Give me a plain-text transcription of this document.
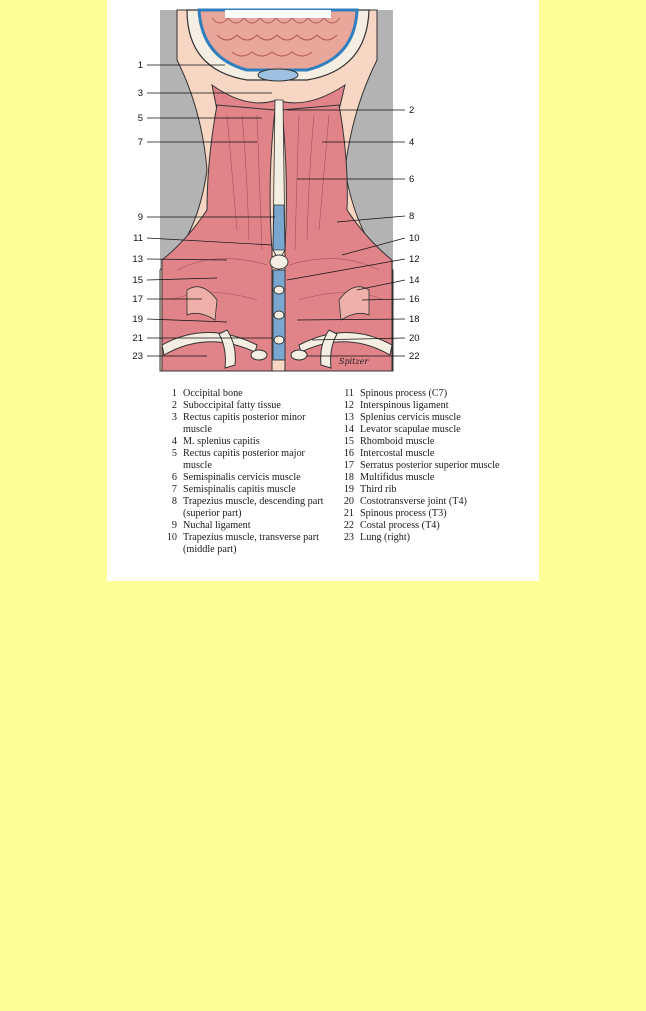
Spitzer
1
3
5
7
9
11
13
15
17
19
21
23
2
4
6
8
10
12
14
16
18
20
22
1 Occipital bone
2 Suboccipital fatty tissue
3 Rectus capitis posterior minor muscle
4 M. splenius capitis
5 Rectus capitis posterior major muscle
6 Semispinalis cervicis muscle
7 Semispinalis capitis muscle
8 Trapezius muscle, descending part (superior part)
9 Nuchal ligament
10 Trapezius muscle, transverse part (middle part)
11 Spinous process (C7)
12 Interspinous ligament
13 Splenius cervicis muscle
14 Levator scapulae muscle
15 Rhomboid muscle
16 Intercostal muscle
17 Serratus posterior superior muscle
18 Multifidus muscle
19 Third rib
20 Costotransverse joint (T4)
21 Spinous process (T3)
22 Costal process (T4)
23 Lung (right)
